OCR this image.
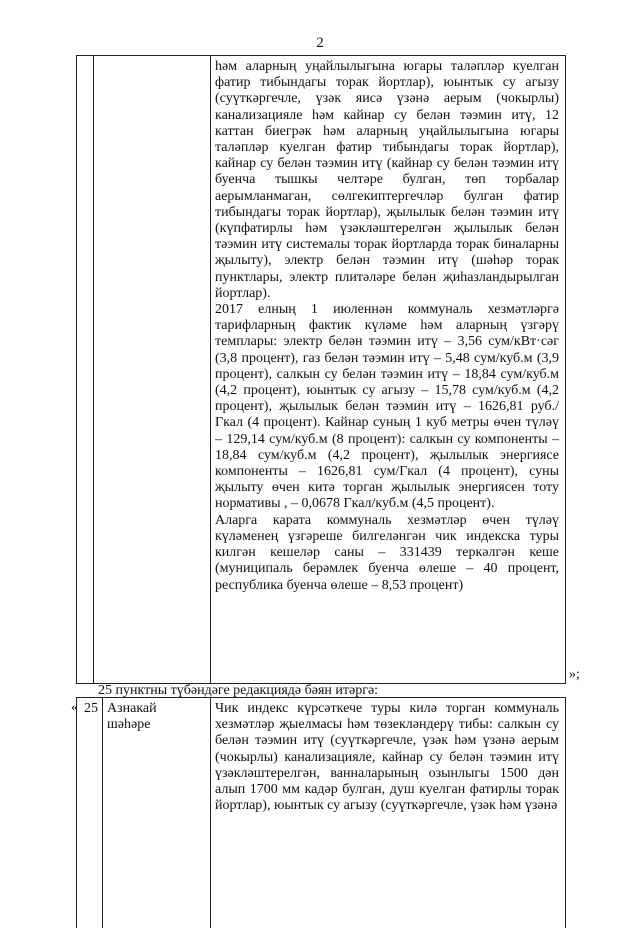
2

һәм аларның уңайлылыгына югары таләпләр куелган фатир тибындагы торак йортлар), юынтык су агызу (суүткәргечле, үзәк яисә үзәнә аерым (чокырлы) канализацияле һәм кайнар су белән тәэмин итү, 12 каттан биегрәк һәм аларның уңайлылыгына югары таләпләр куелган фатир тибындагы торак йортлар), кайнар су белән тәэмин итү (кайнар су белән тәэмин итү буенча тышкы челтәре булган, төп торбалар аерымланмаган, сөлгекиптергечләр булган фатир тибындагы торак йортлар), җылылык белән тәэмин итү (күпфатирлы һәм үзәкләштерелгән җылылык белән тәэмин итү системалы торак йортларда торак биналарны җылыту), электр белән тәэмин итү (шәһәр торак пунктлары, электр плитәләре белән җиһазландырылган йортлар).

2017 елның 1 июленнән коммуналь хезмәтләргә тарифларның фактик күләме һәм аларның үзгәрү темплары: электр белән тәэмин итү – 3,56 сум/кВт·сәг (3,8 процент), газ белән тәэмин итү – 5,48 сум/куб.м (3,9 процент), салкын су белән тәэмин итү – 18,84 сум/куб.м (4,2 процент), юынтык су агызу – 15,78 сум/куб.м (4,2 процент), җылылык белән тәэмин итү – 1626,81 руб./Гкал (4 процент). Кайнар суның 1 куб метры өчен түләү – 129,14 сум/куб.м (8 процент): салкын су компоненты – 18,84 сум/куб.м (4,2 процент), җылылык энергиясе компоненты – 1626,81 сум/Гкал (4 процент), суны җылыту өчен китә торган җылылык энергиясен тоту нормативы , – 0,0678 Гкал/куб.м (4,5 процент).

Аларга карата коммуналь хезмәтләр өчен түләү күләменең үзгәреше билгеләнгән чик индекска туры килгән кешеләр саны – 331439 теркәлгән кеше (муниципаль берәмлек буенча өлеше – 40 процент, республика буенча өлеше – 8,53 процент)

»;
25 пунктны түбәндәге редакциядә бәян итәргә:
« 25 Азнакай шәһәре
Чик индекс күрсәткече туры килә торган коммуналь хезмәтләр җыелмасы һәм төзекләндерү тибы: салкын су белән тәэмин итү (суүткәргечле, үзәк һәм үзәнә аерым (чокырлы) канализацияле, кайнар су белән тәэмин итү үзәкләштерелгән, ванналарының озынлыгы 1500 дән алып 1700 мм кадәр булган, душ куелган фатирлы торак йортлар), юынтык су агызу (суүткәргечле, үзәк һәм үзәнә
